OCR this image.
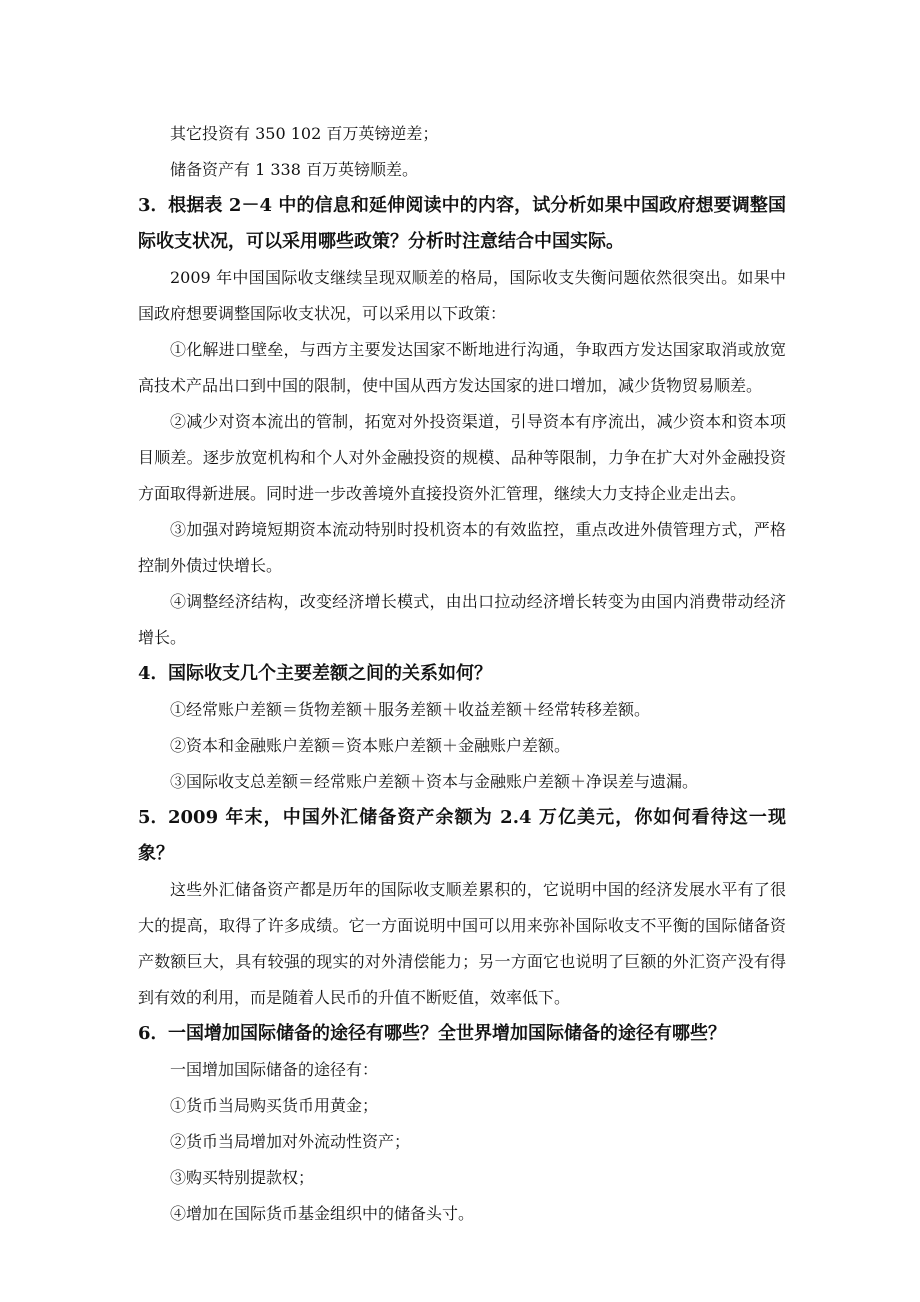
其它投资有 350 102 百万英镑逆差；

储备资产有 1 338 百万英镑顺差。

3．根据表 2－4 中的信息和延伸阅读中的内容，试分析如果中国政府想要调整国际收支状况，可以采用哪些政策？分析时注意结合中国实际。

2009 年中国国际收支继续呈现双顺差的格局，国际收支失衡问题依然很突出。如果中国政府想要调整国际收支状况，可以采用以下政策：

①化解进口壁垒，与西方主要发达国家不断地进行沟通，争取西方发达国家取消或放宽高技术产品出口到中国的限制，使中国从西方发达国家的进口增加，减少货物贸易顺差。

②减少对资本流出的管制，拓宽对外投资渠道，引导资本有序流出，减少资本和资本项目顺差。逐步放宽机构和个人对外金融投资的规模、品种等限制，力争在扩大对外金融投资方面取得新进展。同时进一步改善境外直接投资外汇管理，继续大力支持企业走出去。

③加强对跨境短期资本流动特别时投机资本的有效监控，重点改进外债管理方式，严格控制外债过快增长。

④调整经济结构，改变经济增长模式，由出口拉动经济增长转变为由国内消费带动经济增长。

4．国际收支几个主要差额之间的关系如何？

①经常账户差额＝货物差额＋服务差额＋收益差额＋经常转移差额。

②资本和金融账户差额＝资本账户差额＋金融账户差额。

③国际收支总差额＝经常账户差额＋资本与金融账户差额＋净误差与遗漏。

5．2009 年末，中国外汇储备资产余额为 2.4 万亿美元，你如何看待这一现象？

这些外汇储备资产都是历年的国际收支顺差累积的，它说明中国的经济发展水平有了很大的提高，取得了许多成绩。它一方面说明中国可以用来弥补国际收支不平衡的国际储备资产数额巨大，具有较强的现实的对外清偿能力；另一方面它也说明了巨额的外汇资产没有得到有效的利用，而是随着人民币的升值不断贬值，效率低下。

6．一国增加国际储备的途径有哪些？全世界增加国际储备的途径有哪些？

一国增加国际储备的途径有：

①货币当局购买货币用黄金；

②货币当局增加对外流动性资产；

③购买特别提款权；

④增加在国际货币基金组织中的储备头寸。
